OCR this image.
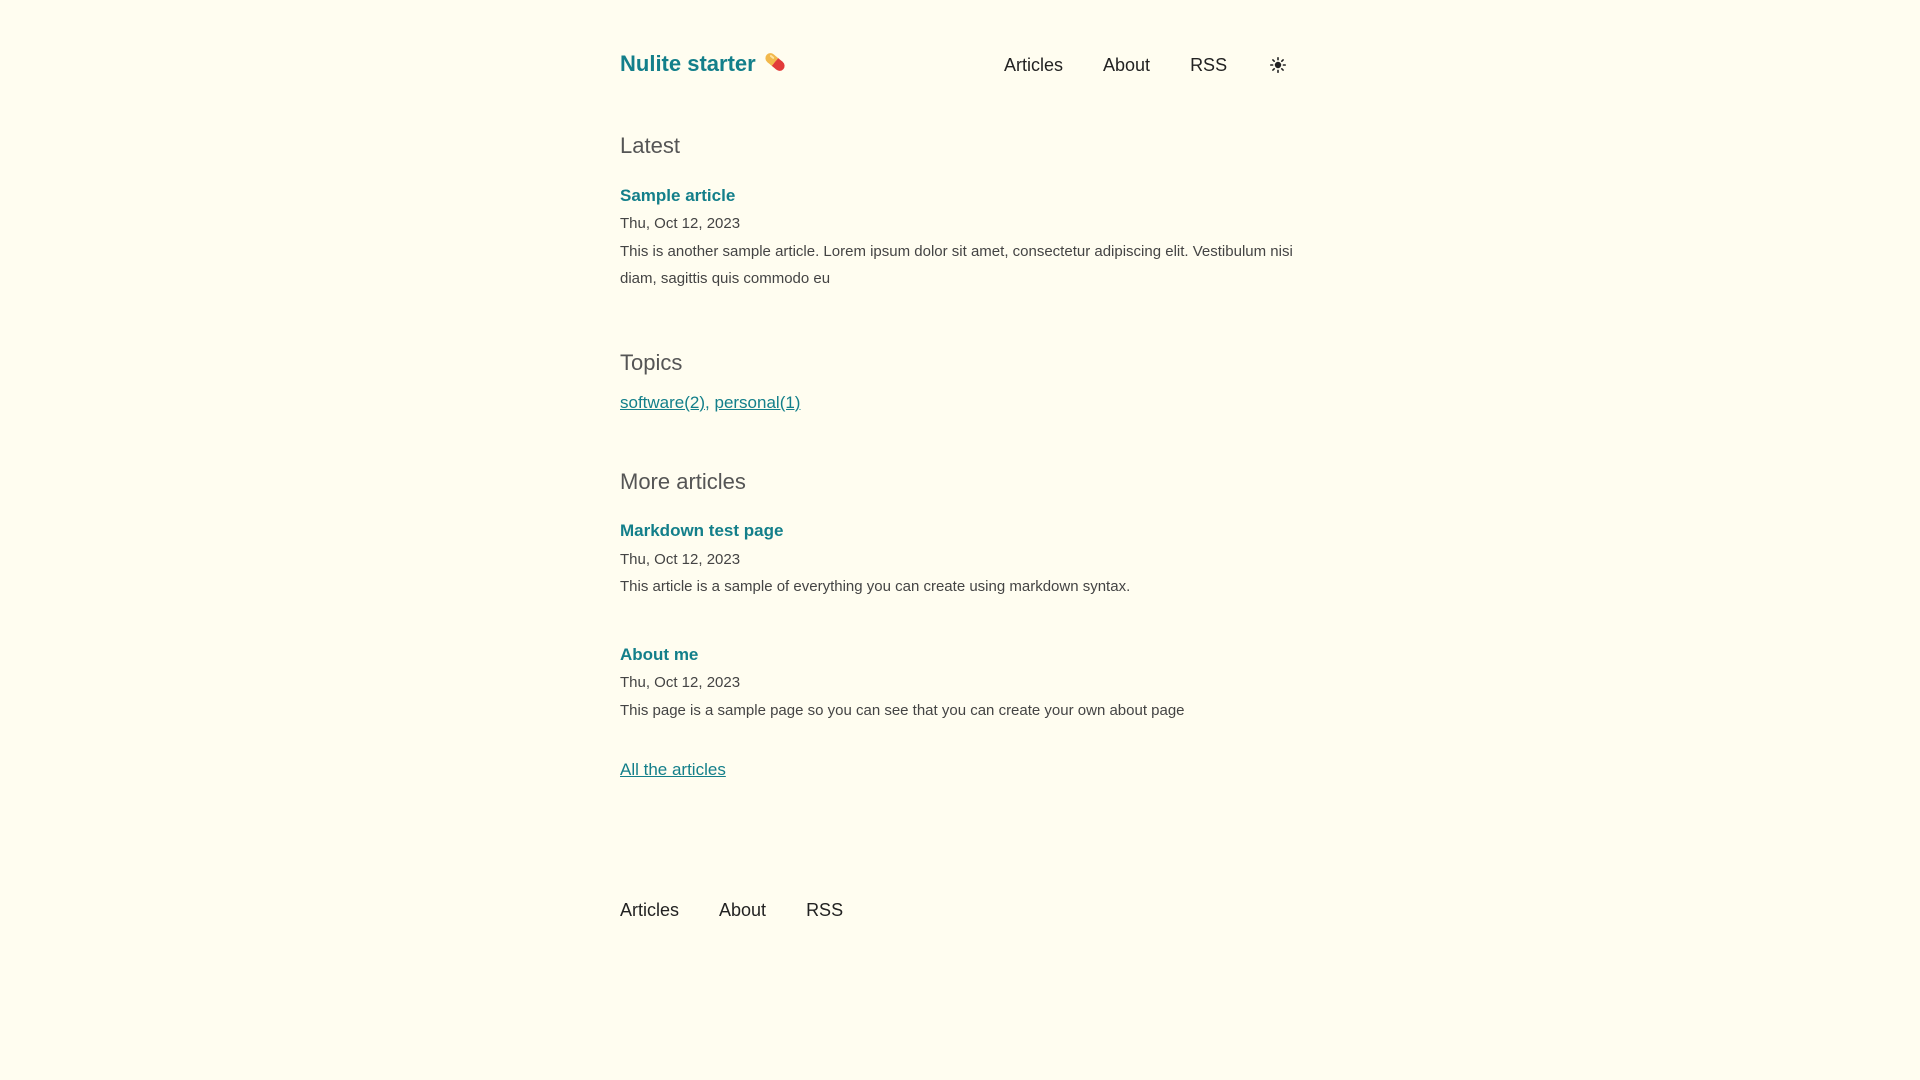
Nulite starter	Articles About RSS
Latest
Sample article
Thu, Oct 12, 2023
This is another sample article. Lorem ipsum dolor sit amet, consectetur adipiscing elit. Vestibulum nisi diam, sagittis quis commodo eu
Topics
software(2), personal(1)
More articles
Markdown test page
Thu, Oct 12, 2023
This article is a sample of everything you can create using markdown syntax.
About me
Thu, Oct 12, 2023
This page is a sample page so you can see that you can create your own about page
All the articles
Articles About RSS
